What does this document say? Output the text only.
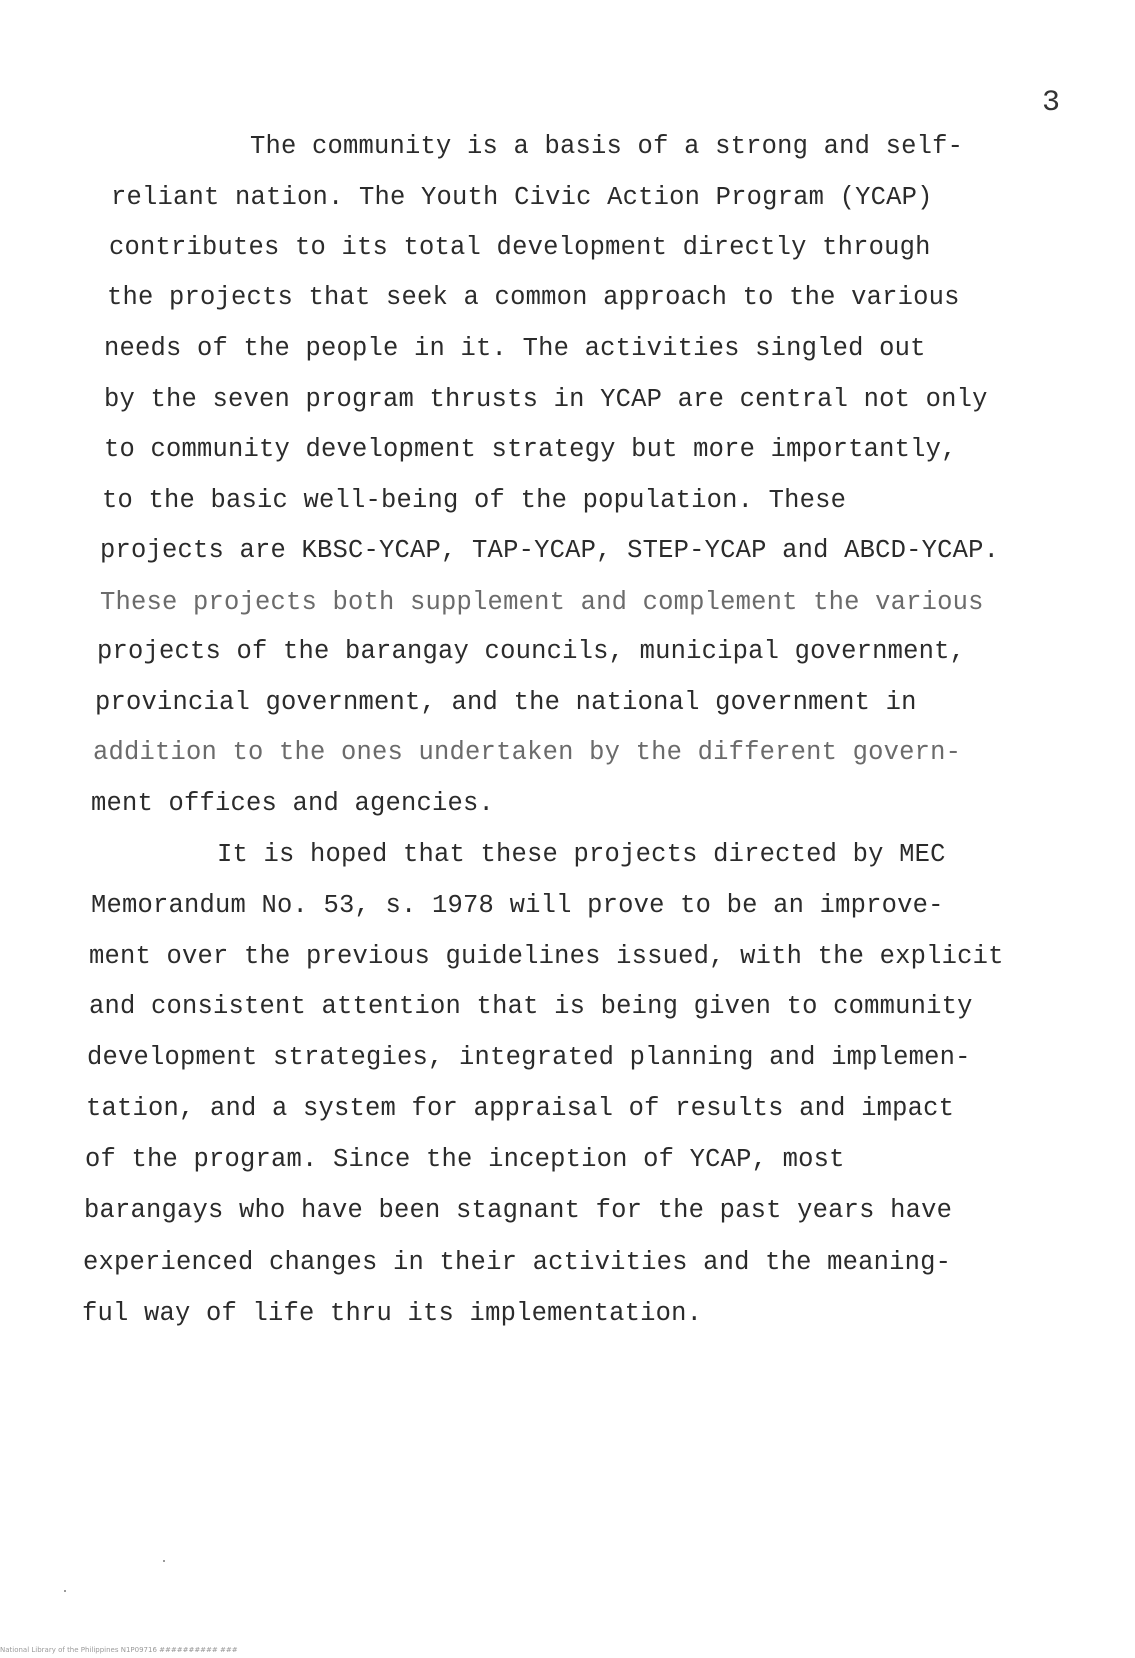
3
The community is a basis of a strong and self-
reliant nation. The Youth Civic Action Program (YCAP)
contributes to its total development directly through
the projects that seek a common approach to the various
needs of the people in it. The activities singled out
by the seven program thrusts in YCAP are central not only
to community development strategy but more importantly,
to the basic well-being of the population. These
projects are KBSC-YCAP, TAP-YCAP, STEP-YCAP and ABCD-YCAP.
These projects both supplement and complement the various
projects of the barangay councils, municipal government,
provincial government, and the national government in
addition to the ones undertaken by the different govern-
ment offices and agencies.
It is hoped that these projects directed by MEC
Memorandum No. 53, s. 1978 will prove to be an improve-
ment over the previous guidelines issued, with the explicit
and consistent attention that is being given to community
development strategies, integrated planning and implemen-
tation, and a system for appraisal of results and impact
of the program. Since the inception of YCAP, most
barangays who have been stagnant for the past years have
experienced changes in their activities and the meaning-
ful way of life thru its implementation.
National Library of the Philippines N1P09716 ########## ###
